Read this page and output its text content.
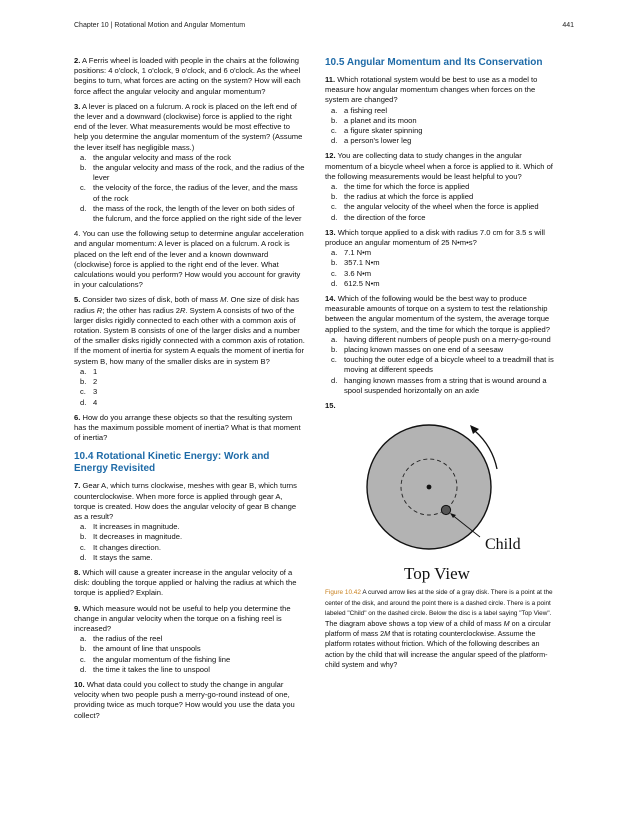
Chapter 10 | Rotational Motion and Angular Momentum	441
2. A Ferris wheel is loaded with people in the chairs at the following positions: 4 o'clock, 1 o'clock, 9 o'clock, and 6 o'clock. As the wheel begins to turn, what forces are acting on the system? How will each force affect the angular velocity and angular momentum?
3. A lever is placed on a fulcrum. A rock is placed on the left end of the lever and a downward (clockwise) force is applied to the right end of the lever. What measurements would be most effective to help you determine the angular momentum of the system? (Assume the lever itself has negligible mass.)
a. the angular velocity and mass of the rock
b. the angular velocity and mass of the rock, and the radius of the lever
c. the velocity of the force, the radius of the lever, and the mass of the rock
d. the mass of the rock, the length of the lever on both sides of the fulcrum, and the force applied on the right side of the lever
4. You can use the following setup to determine angular acceleration and angular momentum: A lever is placed on a fulcrum. A rock is placed on the left end of the lever and a known downward (clockwise) force is applied to the right end of the lever. What calculations would you perform? How would you account for gravity in your calculations?
5. Consider two sizes of disk, both of mass M. One size of disk has radius R; the other has radius 2R. System A consists of two of the larger disks rigidly connected to each other with a common axis of rotation. System B consists of one of the larger disks and a number of the smaller disks rigidly connected with a common axis of rotation. If the moment of inertia for system A equals the moment of inertia for system B, how many of the smaller disks are in system B?
a. 1
b. 2
c. 3
d. 4
6. How do you arrange these objects so that the resulting system has the maximum possible moment of inertia? What is that moment of inertia?
10.4 Rotational Kinetic Energy: Work and Energy Revisited
7. Gear A, which turns clockwise, meshes with gear B, which turns counterclockwise. When more force is applied through gear A, torque is created. How does the angular velocity of gear B change as a result?
a. It increases in magnitude.
b. It decreases in magnitude.
c. It changes direction.
d. It stays the same.
8. Which will cause a greater increase in the angular velocity of a disk: doubling the torque applied or halving the radius at which the torque is applied? Explain.
9. Which measure would not be useful to help you determine the change in angular velocity when the torque on a fishing reel is increased?
a. the radius of the reel
b. the amount of line that unspools
c. the angular momentum of the fishing line
d. the time it takes the line to unspool
10. What data could you collect to study the change in angular velocity when two people push a merry-go-round instead of one, providing twice as much torque? How would you use the data you collect?
10.5 Angular Momentum and Its Conservation
11. Which rotational system would be best to use as a model to measure how angular momentum changes when forces on the system are changed?
a. a fishing reel
b. a planet and its moon
c. a figure skater spinning
d. a person's lower leg
12. You are collecting data to study changes in the angular momentum of a bicycle wheel when a force is applied to it. Which of the following measurements would be least helpful to you?
a. the time for which the force is applied
b. the radius at which the force is applied
c. the angular velocity of the wheel when the force is applied
d. the direction of the force
13. Which torque applied to a disk with radius 7.0 cm for 3.5 s will produce an angular momentum of 25 N•m•s?
a. 7.1 N•m
b. 357.1 N•m
c. 3.6 N•m
d. 612.5 N•m
14. Which of the following would be the best way to produce measurable amounts of torque on a system to test the relationship between the angular momentum of the system, the average torque applied to the system, and the time for which the torque is applied?
a. having different numbers of people push on a merry-go-round
b. placing known masses on one end of a seesaw
c. touching the outer edge of a bicycle wheel to a treadmill that is moving at different speeds
d. hanging known masses from a string that is wound around a spool suspended horizontally on an axle
15.
Child
Top View
Figure 10.42 A curved arrow lies at the side of a gray disk. There is a point at the center of the disk, and around the point there is a dashed circle. There is a point labeled "Child" on the dashed circle. Below the disc is a label saying "Top View". The diagram above shows a top view of a child of mass M on a circular platform of mass 2M that is rotating counterclockwise. Assume the platform rotates without friction. Which of the following describes an action by the child that will increase the angular speed of the platform-child system and why?
